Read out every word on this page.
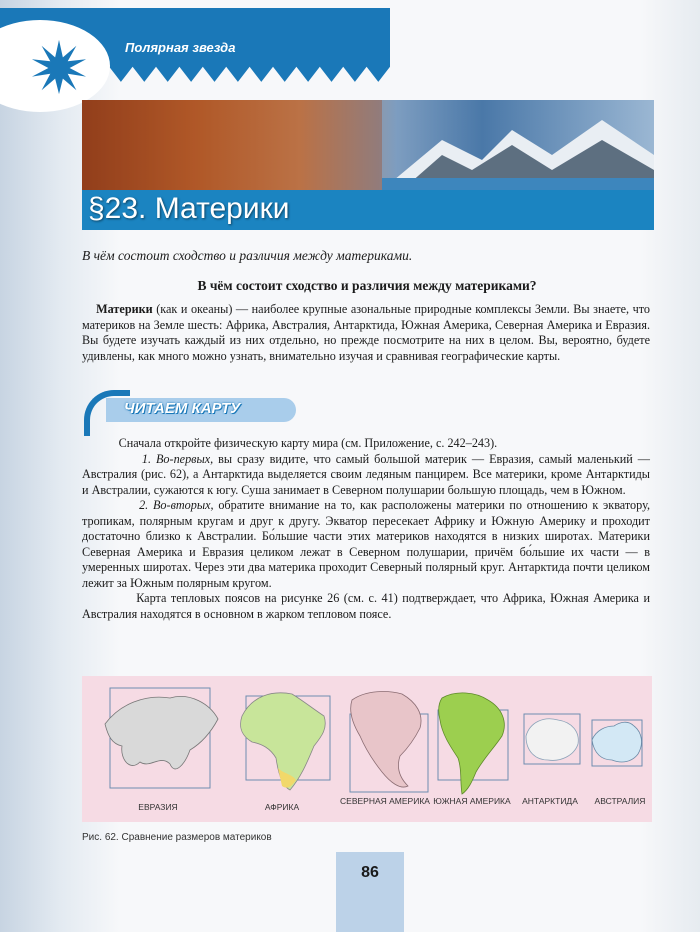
Полярная звезда
§23. Материки
В чём состоит сходство и различия между материками.
В чём состоит сходство и различия между материками?
Материки (как и океаны) — наиболее крупные азональные природные комплексы Земли. Вы знаете, что материков на Земле шесть: Африка, Австралия, Антарктида, Южная Америка, Северная Америка и Евразия. Вы будете изучать каждый из них отдельно, но прежде посмотрите на них в целом. Вы, вероятно, будете удивлены, как много можно узнать, внимательно изучая и сравнивая географические карты.
ЧИТАЕМ КАРТУ
Сначала откройте физическую карту мира (см. Приложение, с. 242–243).
1. Во-первых, вы сразу видите, что самый большой материк — Евразия, самый маленький — Австралия (рис. 62), а Антарктида выделяется своим ледяным панцирем. Все материки, кроме Антарктиды и Австралии, сужаются к югу. Суша занимает в Северном полушарии большую площадь, чем в Южном.
2. Во-вторых, обратите внимание на то, как расположены материки по отношению к экватору, тропикам, полярным кругам и друг к другу. Экватор пересекает Африку и Южную Америку и проходит достаточно близко к Австралии. Бо́льшие части этих материков находятся в низких широтах. Материки Северная Америка и Евразия целиком лежат в Северном полушарии, причём бо́льшие их части — в умеренных широтах. Через эти два материка проходит Северный полярный круг. Антарктида почти целиком лежит за Южным полярным кругом.
Карта тепловых поясов на рисунке 26 (см. с. 41) подтверждает, что Африка, Южная Америка и Австралия находятся в основном в жарком тепловом поясе.
ЕВРАЗИЯ	АФРИКА
СЕВЕРНАЯ АМЕРИКА ЮЖНАЯ АМЕРИКА	АНТАРКТИДА	АВСТРАЛИЯ
Рис. 62. Сравнение размеров материков
86
